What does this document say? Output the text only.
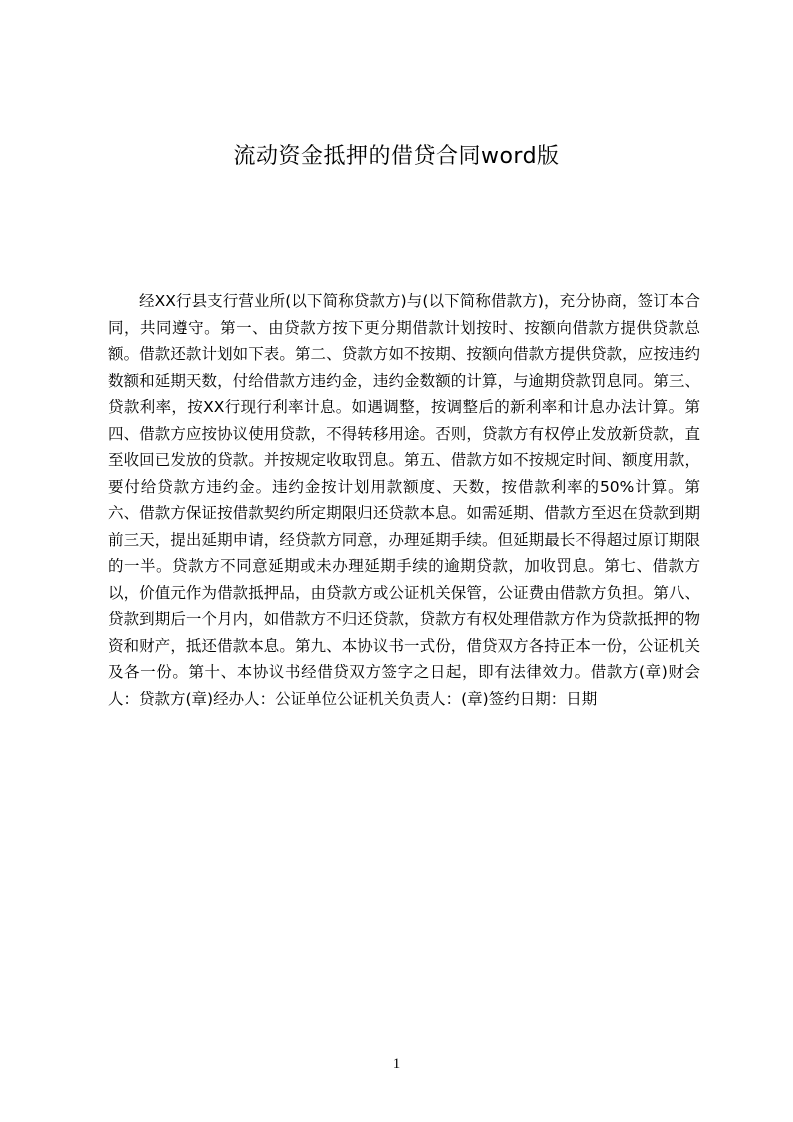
流动资金抵押的借贷合同word版

经XX行县支行营业所(以下简称贷款方)与(以下简称借款方)，充分协商，签订本合同，共同遵守。第一、由贷款方按下更分期借款计划按时、按额向借款方提供贷款总额。借款还款计划如下表。第二、贷款方如不按期、按额向借款方提供贷款，应按违约数额和延期天数，付给借款方违约金，违约金数额的计算，与逾期贷款罚息同。第三、贷款利率，按XX行现行利率计息。如遇调整，按调整后的新利率和计息办法计算。第四、借款方应按协议使用贷款，不得转移用途。否则，贷款方有权停止发放新贷款，直至收回已发放的贷款。并按规定收取罚息。第五、借款方如不按规定时间、额度用款，要付给贷款方违约金。违约金按计划用款额度、天数，按借款利率的50%计算。第六、借款方保证按借款契约所定期限归还贷款本息。如需延期、借款方至迟在贷款到期前三天，提出延期申请，经贷款方同意，办理延期手续。但延期最长不得超过原订期限的一半。贷款方不同意延期或未办理延期手续的逾期贷款，加收罚息。第七、借款方以，价值元作为借款抵押品，由贷款方或公证机关保管，公证费由借款方负担。第八、贷款到期后一个月内，如借款方不归还贷款，贷款方有权处理借款方作为贷款抵押的物资和财产，抵还借款本息。第九、本协议书一式份，借贷双方各持正本一份，公证机关及各一份。第十、本协议书经借贷双方签字之日起，即有法律效力。借款方(章)财会人：贷款方(章)经办人：公证单位公证机关负责人：(章)签约日期：日期

1
